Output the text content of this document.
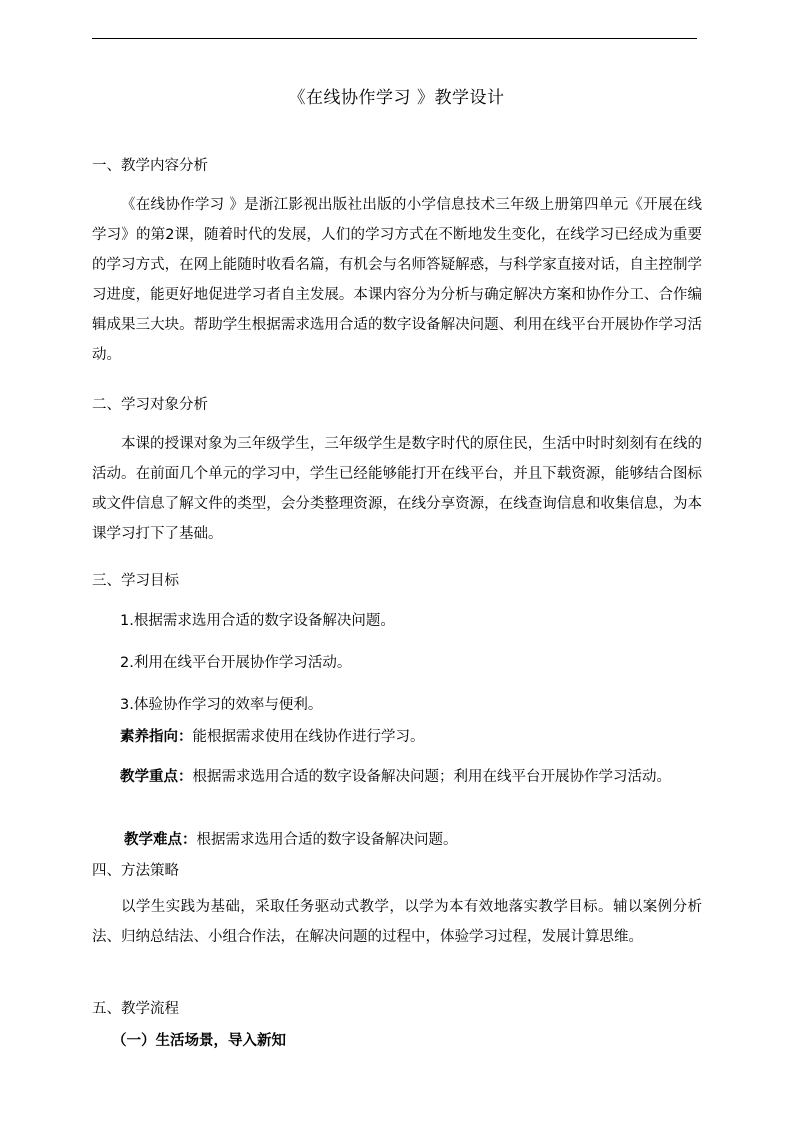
《在线协作学习 》教学设计
一、教学内容分析
《在线协作学习 》是浙江影视出版社出版的小学信息技术三年级上册第四单元《开展在线学习》的第2课，随着时代的发展，人们的学习方式在不断地发生变化，在线学习已经成为重要的学习方式，在网上能随时收看名篇，有机会与名师答疑解惑，与科学家直接对话，自主控制学习进度，能更好地促进学习者自主发展。本课内容分为分析与确定解决方案和协作分工、合作编辑成果三大块。帮助学生根据需求选用合适的数字设备解决问题、利用在线平台开展协作学习活动。
二、学习对象分析
本课的授课对象为三年级学生，三年级学生是数字时代的原住民，生活中时时刻刻有在线的活动。在前面几个单元的学习中，学生已经能够能打开在线平台，并且下载资源，能够结合图标或文件信息了解文件的类型，会分类整理资源，在线分享资源，在线查询信息和收集信息，为本课学习打下了基础。
三、学习目标
1.根据需求选用合适的数字设备解决问题。
2.利用在线平台开展协作学习活动。
3.体验协作学习的效率与便利。
素养指向：能根据需求使用在线协作进行学习。
教学重点：根据需求选用合适的数字设备解决问题；利用在线平台开展协作学习活动。
教学难点：根据需求选用合适的数字设备解决问题。
四、方法策略
以学生实践为基础，采取任务驱动式教学，以学为本有效地落实教学目标。辅以案例分析法、归纳总结法、小组合作法，在解决问题的过程中，体验学习过程，发展计算思维。
五、教学流程
（一）生活场景，导入新知
